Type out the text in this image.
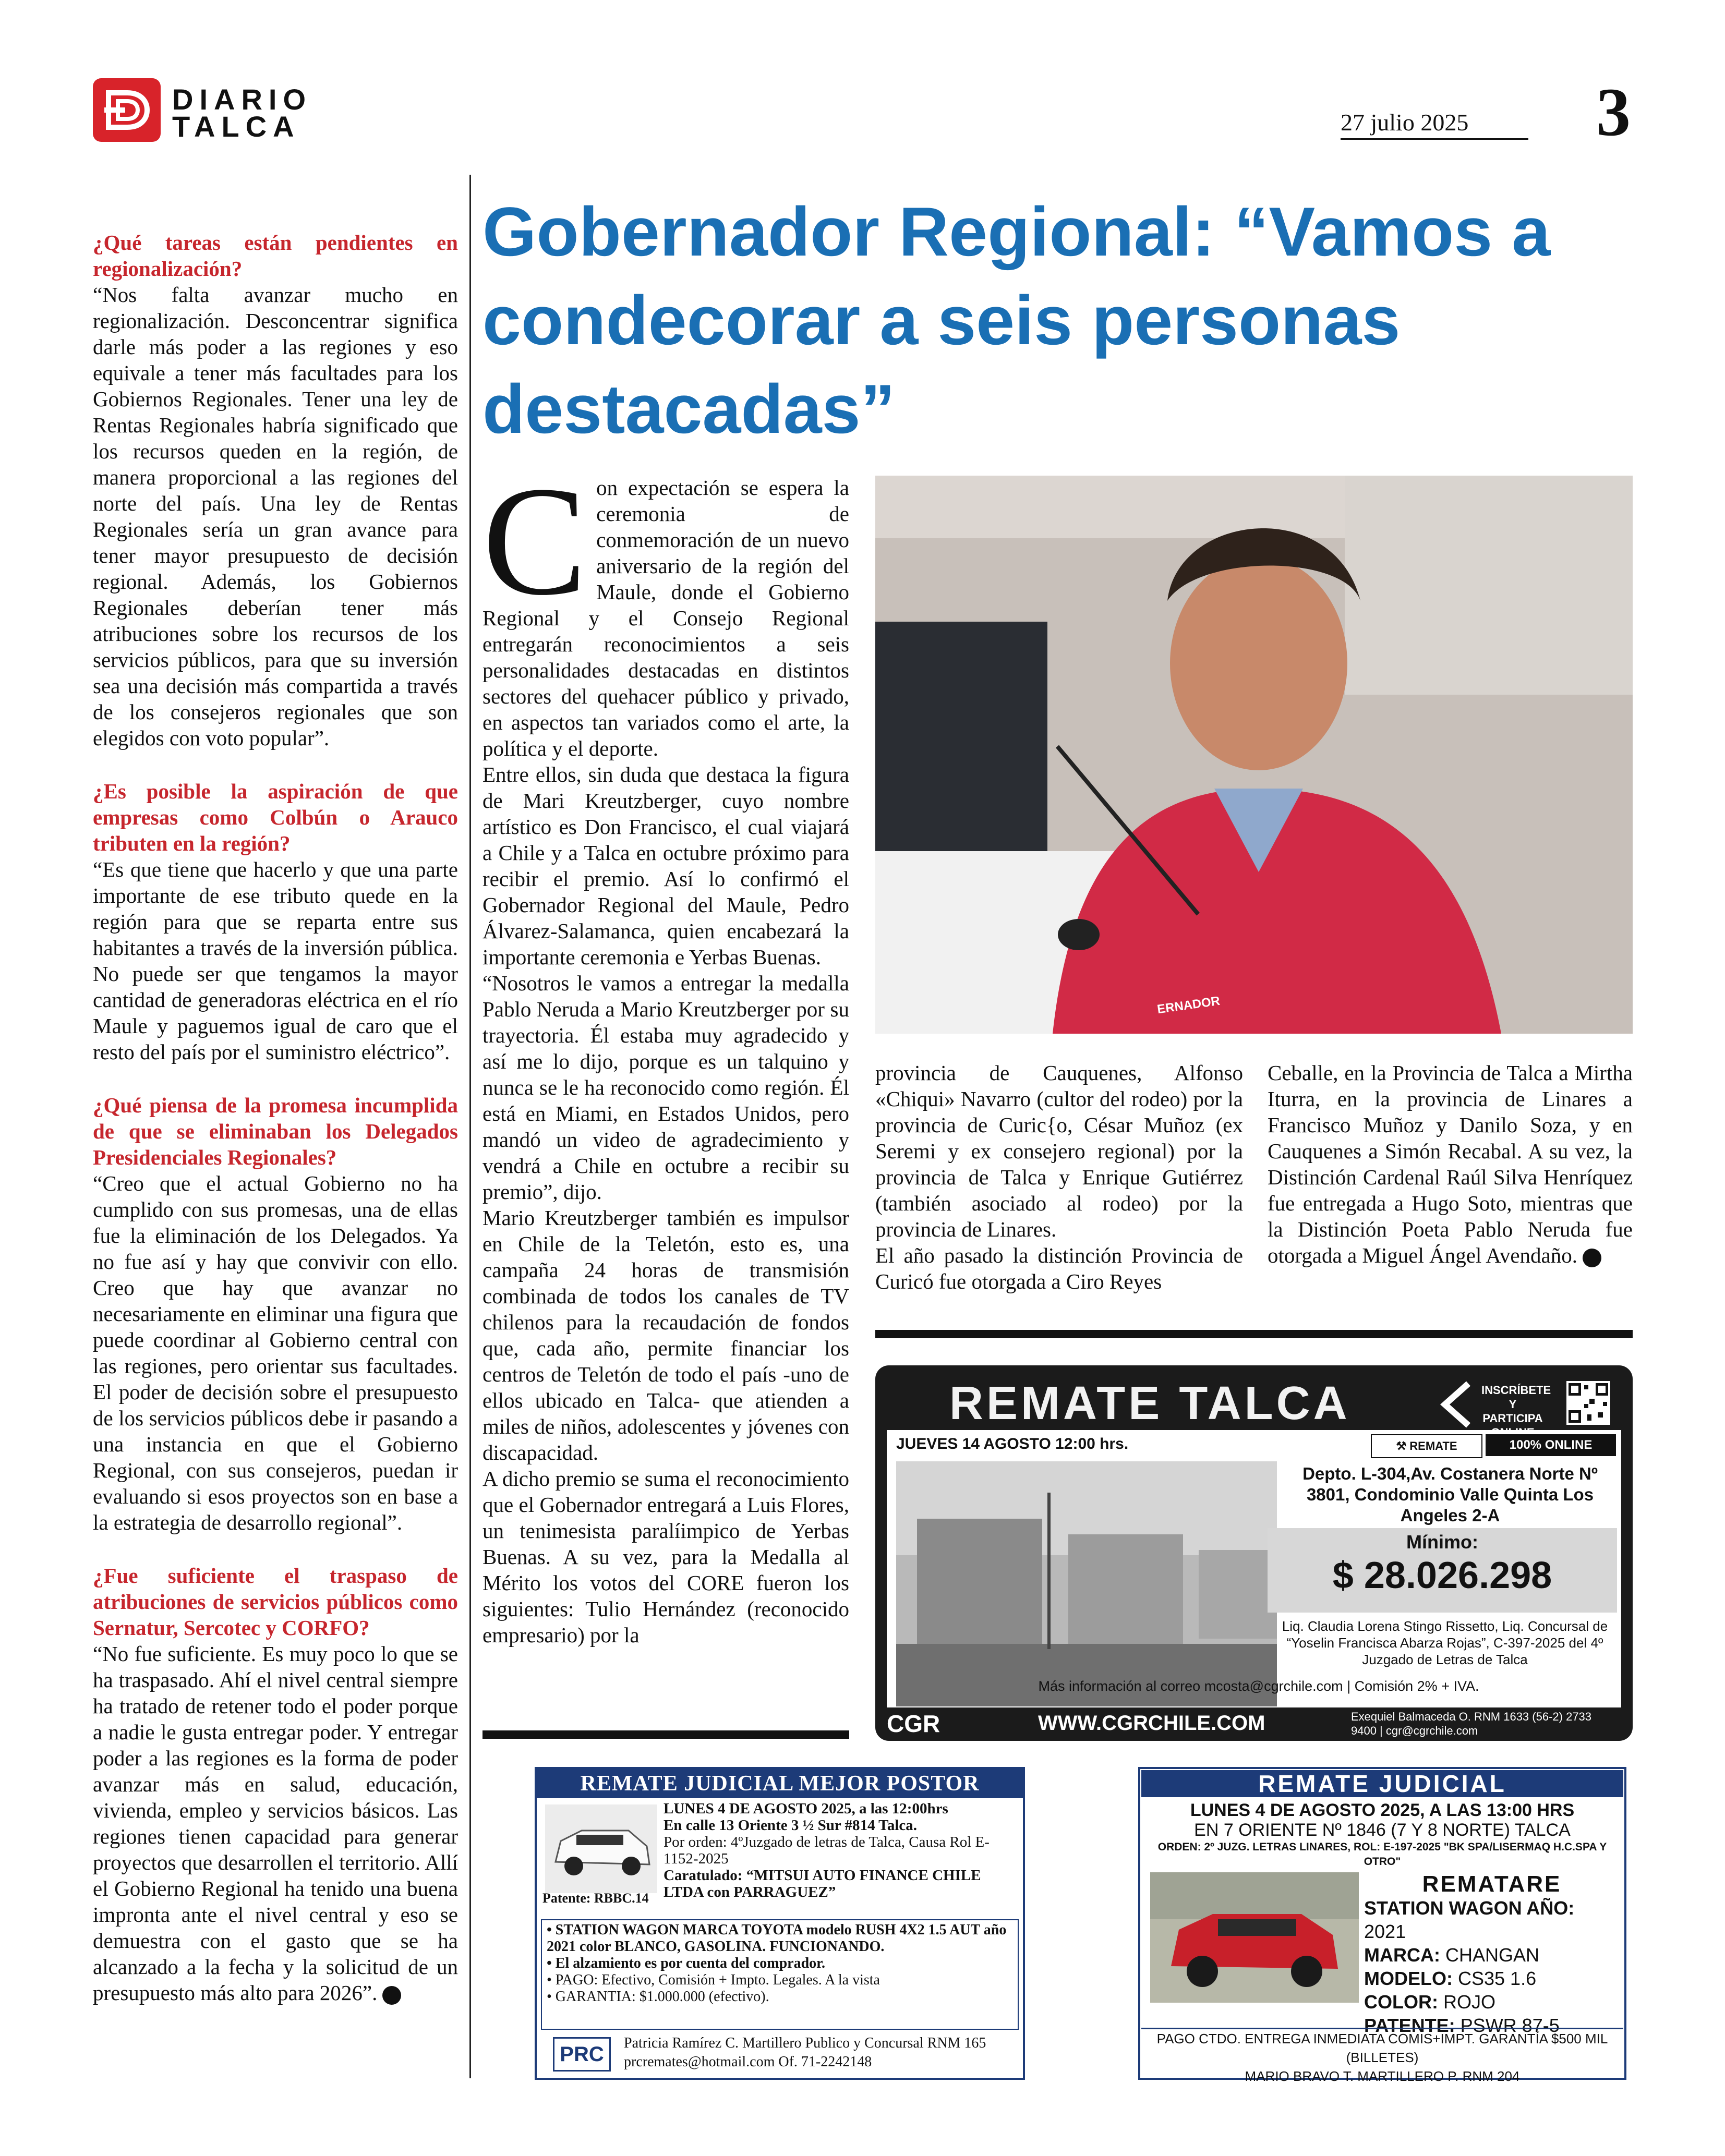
DIARIO
TALCA	27 julio 2025 3

¿Qué tareas están pendientes en regionalización?

“Nos falta avanzar mucho en regionalización. Desconcentrar significa darle más poder a las regiones y eso equivale a tener más facultades para los Gobiernos Regionales. Tener una ley de Rentas Regionales habría significado que los recursos queden en la región, de manera proporcional a las regiones del norte del país. Una ley de Rentas Regionales sería un gran avance para tener mayor presupuesto de decisión regional. Además, los Gobiernos Regionales deberían tener más atribuciones sobre los recursos de los servicios públicos, para que su inversión sea una decisión más compartida a través de los consejeros regionales que son elegidos con voto popular”.

¿Es posible la aspiración de que empresas como Colbún o Arauco tributen en la región?

“Es que tiene que hacerlo y que una parte importante de ese tributo quede en la región para que se reparta entre sus habitantes a través de la inversión pública. No puede ser que tengamos la mayor cantidad de generadoras eléctrica en el río Maule y paguemos igual de caro que el resto del país por el suministro eléctrico”.

¿Qué piensa de la promesa incumplida de que se eliminaban los Delegados Presidenciales Regionales?

“Creo que el actual Gobierno no ha cumplido con sus promesas, una de ellas fue la eliminación de los Delegados. Ya no fue así y hay que convivir con ello. Creo que hay que avanzar no necesariamente en eliminar una figura que puede coordinar al Gobierno central con las regiones, pero orientar sus facultades. El poder de decisión sobre el presupuesto de los servicios públicos debe ir pasando a una instancia en que el Gobierno Regional, con sus consejeros, puedan ir evaluando si esos proyectos son en base a la estrategia de desarrollo regional”.

¿Fue suficiente el traspaso de atribuciones de servicios públicos como Sernatur, Sercotec y CORFO?

“No fue suficiente. Es muy poco lo que se ha traspasado. Ahí el nivel central siempre ha tratado de retener todo el poder porque a nadie le gusta entregar poder. Y entregar poder a las regiones es la forma de poder avanzar más en salud, educación, vivienda, empleo y servicios básicos. Las regiones tienen capacidad para generar proyectos que desarrollen el territorio. Allí el Gobierno Regional ha tenido una buena impronta ante el nivel central y eso se demuestra con el gasto que se ha alcanzado a la fecha y la solicitud de un presupuesto más alto para 2026”.

Gobernador Regional: “Vamos a condecorar a seis personas destacadas”

Con expectación se espera la ceremonia de conmemoración de un nuevo aniversario de la región del Maule, donde el Gobierno Regional y el Consejo Regional entregarán reconocimientos a seis personalidades destacadas en distintos sectores del quehacer público y privado, en aspectos tan variados como el arte, la política y el deporte.

Entre ellos, sin duda que destaca la figura de Mari Kreutzberger, cuyo nombre artístico es Don Francisco, el cual viajará a Chile y a Talca en octubre próximo para recibir el premio. Así lo confirmó el Gobernador Regional del Maule, Pedro Álvarez-Salamanca, quien encabezará la importante ceremonia e Yerbas Buenas.

“Nosotros le vamos a entregar la medalla Pablo Neruda a Mario Kreutzberger por su trayectoria. Él estaba muy agradecido y así me lo dijo, porque es un talquino y nunca se le ha reconocido como región. Él está en Miami, en Estados Unidos, pero mandó un video de agradecimiento y vendrá a Chile en octubre a recibir su premio”, dijo.

Mario Kreutzberger también es impulsor en Chile de la Teletón, esto es, una campaña 24 horas de transmisión combinada de todos los canales de TV chilenos para la recaudación de fondos que, cada año, permite financiar los centros de Teletón de todo el país -uno de ellos ubicado en Talca- que atienden a miles de niños, adolescentes y jóvenes con discapacidad.

A dicho premio se suma el reconocimiento que el Gobernador entregará a Luis Flores, un tenimesista paralíimpico de Yerbas Buenas. A su vez, para la Medalla al Mérito los votos del CORE fueron los siguientes: Tulio Hernández (reconocido empresario) por la

ERNADOR

provincia de Cauquenes, Alfonso «Chiqui» Navarro (cultor del rodeo) por la provincia de Curic{o, César Muñoz (ex Seremi y ex consejero regional) por la provincia de Talca y Enrique Gutiérrez (también asociado al rodeo) por la provincia de Linares.

El año pasado la distinción Provincia de Curicó fue otorgada a Ciro Reyes

Ceballe, en la Provincia de Talca a Mirtha Iturra, en la provincia de Linares a Francisco Muñoz y Danilo Soza, y en Cauquenes a Simón Recabal. A su vez, la Distinción Cardenal Raúl Silva Henríquez fue entregada a Hugo Soto, mientras que la Distinción Poeta Pablo Neruda fue otorgada a Miguel Ángel Avendaño.

REMATE TALCA	INSCRÍBETE Y PARTICIPA
JUEVES 14 AGOSTO 12:00 hrs.	⚒ REMATE	100% ONLINE
Depto. L-304,Av. Costanera Norte Nº 3801, Condominio Valle Quinta Los Angeles 2-A
Mínimo:
$ 28.026.298
Liq. Claudia Lorena Stingo Rissetto, Liq. Concursal de “Yoselin Francisca Abarza Rojas”, C-397-2025 del 4º Juzgado de Letras de Talca
Más información al correo mcosta@cgrchile.com | Comisión 2% + IVA.
CGR	WWW.CGRCHILE.COM	Exequiel Balmaceda O. RNM 1633 (56-2) 2733 9400 | cgr@cgrchile.com
REMATE JUDICIAL MEJOR POSTOR
Patente: RBBC.14
LUNES 4 DE AGOSTO 2025, a las 12:00hrs
En calle 13 Oriente 3 ½ Sur #814 Talca.
Por orden: 4ºJuzgado de letras de Talca, Causa Rol E-1152-2025
Caratulado: “MITSUI AUTO FINANCE CHILE LTDA con PARRAGUEZ”
• STATION WAGON MARCA TOYOTA modelo RUSH 4X2 1.5 AUT año 2021 color BLANCO, GASOLINA. FUNCIONANDO.
• El alzamiento es por cuenta del comprador.
• PAGO: Efectivo, Comisión + Impto. Legales. A la vista
• GARANTIA: $1.000.000 (efectivo).
PRC	Patricia Ramírez C. Martillero Publico y Concursal RNM 165
prcremates@hotmail.com Of. 71-2242148
REMATE JUDICIAL
LUNES 4 DE AGOSTO 2025, A LAS 13:00 HRS
EN 7 ORIENTE Nº 1846 (7 Y 8 NORTE) TALCA
ORDEN: 2º JUZG. LETRAS LINARES, ROL: E-197-2025 "BK SPA/LISERMAQ H.C.SPA Y OTRO"
REMATARE
STATION WAGON AÑO: 2021
MARCA: CHANGAN
MODELO: CS35 1.6
COLOR: ROJO
PATENTE: PSWR 87-5
PAGO CTDO. ENTREGA INMEDIATA COMIS+IMPT. GARANTÍA $500 MIL (BILLETES)
MARIO BRAVO T. MARTILLERO P. RNM 204
